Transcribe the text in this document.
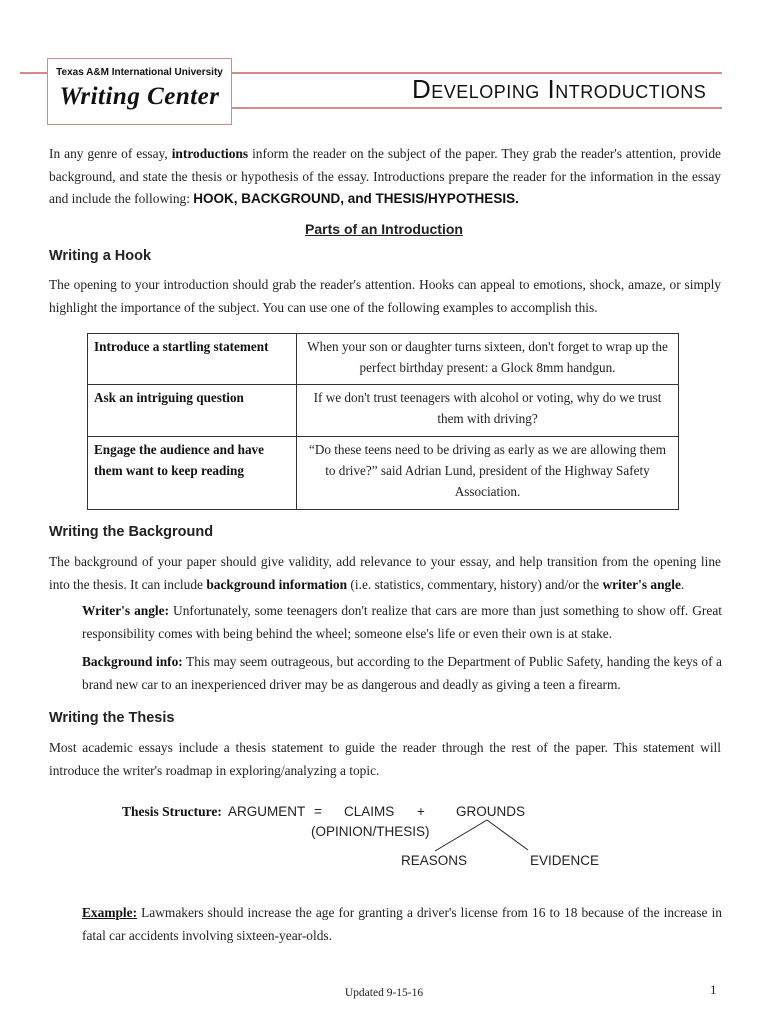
Texas A&M International University
Writing Center	Developing Introductions
In any genre of essay, introductions inform the reader on the subject of the paper. They grab the reader's attention, provide background, and state the thesis or hypothesis of the essay. Introductions prepare the reader for the information in the essay and include the following: HOOK, BACKGROUND, and THESIS/HYPOTHESIS.
Parts of an Introduction
Writing a Hook
The opening to your introduction should grab the reader's attention. Hooks can appeal to emotions, shock, amaze, or simply highlight the importance of the subject. You can use one of the following examples to accomplish this.
Introduce a startling statement	When your son or daughter turns sixteen, don't forget to wrap up the perfect birthday present: a Glock 8mm handgun.
Ask an intriguing question	If we don't trust teenagers with alcohol or voting, why do we trust them with driving?
Engage the audience and have them want to keep reading	“Do these teens need to be driving as early as we are allowing them to drive?” said Adrian Lund, president of the Highway Safety Association.
Writing the Background
The background of your paper should give validity, add relevance to your essay, and help transition from the opening line into the thesis. It can include background information (i.e. statistics, commentary, history) and/or the writer's angle.
Writer's angle: Unfortunately, some teenagers don't realize that cars are more than just something to show off. Great responsibility comes with being behind the wheel; someone else's life or even their own is at stake.
Background info: This may seem outrageous, but according to the Department of Public Safety, handing the keys of a brand new car to an inexperienced driver may be as dangerous and deadly as giving a teen a firearm.
Writing the Thesis
Most academic essays include a thesis statement to guide the reader through the rest of the paper. This statement will introduce the writer's roadmap in exploring/analyzing a topic.
Thesis Structure: ARGUMENT = CLAIMS
(OPINION/THESIS)
+ GROUNDS
REASONS	EVIDENCE
Example: Lawmakers should increase the age for granting a driver's license from 16 to 18 because of the increase in fatal car accidents involving sixteen-year-olds.
Updated 9-15-16	1
